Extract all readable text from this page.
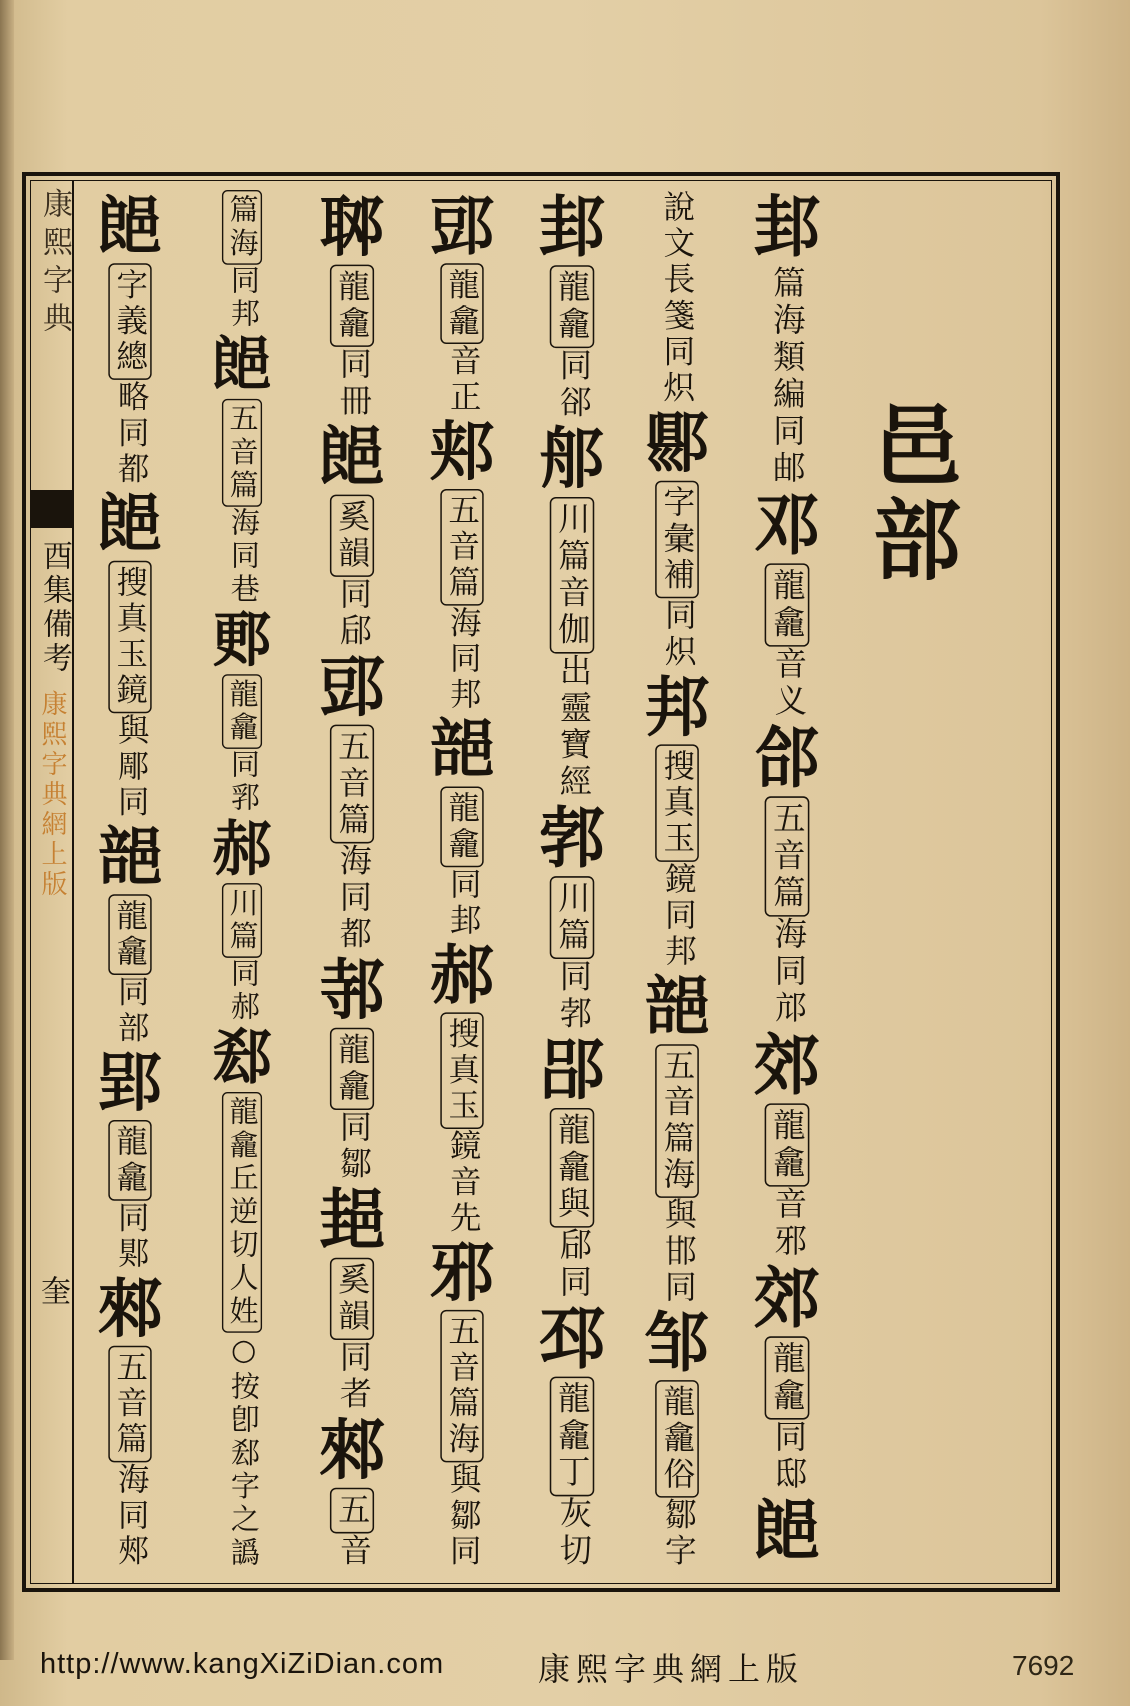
康熙字典
酉集備考
康熙字典網上版
奎
邑部
邽
篇海類
編同邮
邓
龍龕
音义
郃
五音篇
海同邟
郊
龍龕
音邪
郊
龍龕
同邸
郒
說文長
箋同炽
郻
字彙補
同炽
邦
搜真玉
鏡同邦
郶
五音篇海
與邯同
邹
龍龕俗
鄒字
邽
龍龕
同郤
郍
川篇音伽
出靈寶經
郣
川篇
同郣
郘
龍龕與
郈同
邳
龍龕丁
灰切
郖
龍龕
音正
郏
五音篇
海同邦
郶
龍龕
同邽
郝
搜真玉
鏡音先
邪
五音篇海
與鄒同
郰
龍龕
同冊
郒
奚韻
同郈
郖
五音篇
海同都
邿
龍龕
同鄒
郌
奚韻
同者
郲
五
音
篇海
同邦
郒
五音篇
海同巷
郠
龍龕
同郛
郝
川篇
同郝
郄
龍龕丘逆切人姓
○按卽郄字之譌
郒
字義總
略同都
郒
搜真玉鏡
與郮同
郶
龍龕
同部
郢
龍龕
同郹
郲
五音篇
海同郟
http://www.kangXiZiDian.com	康熙字典網上版	7692
